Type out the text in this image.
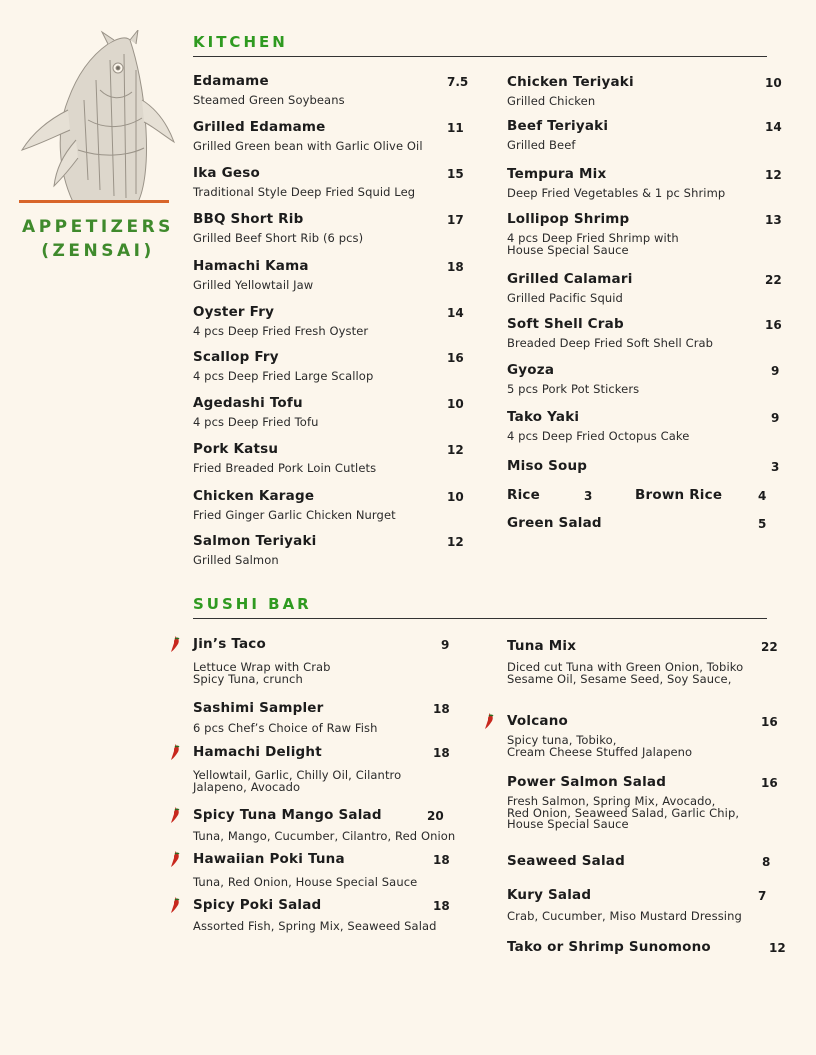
APPETIZERS
(ZENSAI)
KITCHEN
SUSHI BAR
Edamame	7.5
Steamed Green Soybeans
Grilled Edamame	11
Grilled Green bean with Garlic Olive Oil
Ika Geso	15
Traditional Style Deep Fried Squid Leg
BBQ Short Rib	17
Grilled Beef Short Rib (6 pcs)
Hamachi Kama	18
Grilled Yellowtail Jaw
Oyster Fry	14
4 pcs Deep Fried Fresh Oyster
Scallop Fry	16
4 pcs Deep Fried Large Scallop
Agedashi Tofu	10
4 pcs Deep Fried Tofu
Pork Katsu	12
Fried Breaded Pork Loin Cutlets
Chicken Karage	10
Fried Ginger Garlic Chicken Nurget
Salmon Teriyaki	12
Grilled Salmon
Chicken Teriyaki	10
Grilled Chicken
Beef Teriyaki	14
Grilled Beef
Tempura Mix	12
Deep Fried Vegetables & 1 pc Shrimp
Lollipop Shrimp	13
4 pcs Deep Fried Shrimp with
House Special Sauce
Grilled Calamari	22
Grilled Pacific Squid
Soft Shell Crab	16
Breaded Deep Fried Soft Shell Crab
Gyoza	9
5 pcs Pork Pot Stickers
Tako Yaki	9
4 pcs Deep Fried Octopus Cake
Miso Soup	3
Rice	3	Brown Rice	4
Green Salad	5
Jin’s Taco	9
Lettuce Wrap with Crab
Spicy Tuna, crunch
Sashimi Sampler	18
6 pcs Chef’s Choice of Raw Fish
Hamachi Delight	18
Yellowtail, Garlic, Chilly Oil, Cilantro
Jalapeno, Avocado
Spicy Tuna Mango Salad	20
Tuna, Mango, Cucumber, Cilantro, Red Onion
Hawaiian Poki Tuna	18
Tuna, Red Onion, House Special Sauce
Spicy Poki Salad	18
Assorted Fish, Spring Mix, Seaweed Salad
Tuna Mix	22
Diced cut Tuna with Green Onion, Tobiko
Sesame Oil, Sesame Seed, Soy Sauce,
Volcano	16
Spicy tuna, Tobiko,
Cream Cheese Stuffed Jalapeno
Power Salmon Salad	16
Fresh Salmon, Spring Mix, Avocado,
Red Onion, Seaweed Salad, Garlic Chip,
House Special Sauce
Seaweed Salad	8
Kury Salad	7
Crab, Cucumber, Miso Mustard Dressing
Tako or Shrimp Sunomono	12
